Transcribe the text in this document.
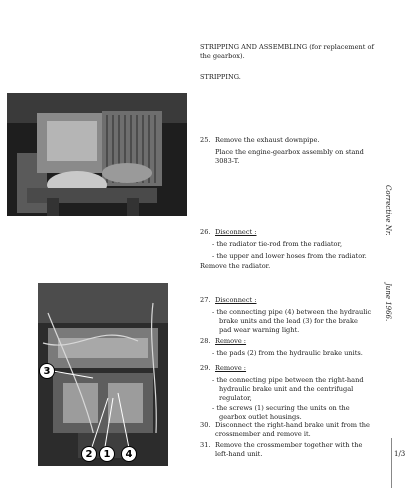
STRIPPING AND ASSEMBLING (for replacement of
the gearbox).
STRIPPING.
25. Remove the exhaust downpipe.
Place the engine-gearbox assembly on stand
3083-T.
26. Disconnect :
- the radiator tie-rod from the radiator,
- the upper and lower hoses from the radiator.
Remove the radiator.
3
2	1	4
27. Disconnect :
- the connecting pipe (4) between the hydraulic
brake units and the lead (3) for the brake
pad wear warning light.
28. Remove :
- the pads (2) from the hydraulic brake units.
29. Remove :
- the connecting pipe between the right-hand
hydraulic brake unit and the centrifugal
regulator,
- the screws (1) securing the units on the
gearbox outlet housings.
30. Disconnect the right-hand brake unit from the
crossmember and remove it.
31. Remove the crossmember together with the
left-hand unit.
Corrective Nr.
June 1966.
1/3
